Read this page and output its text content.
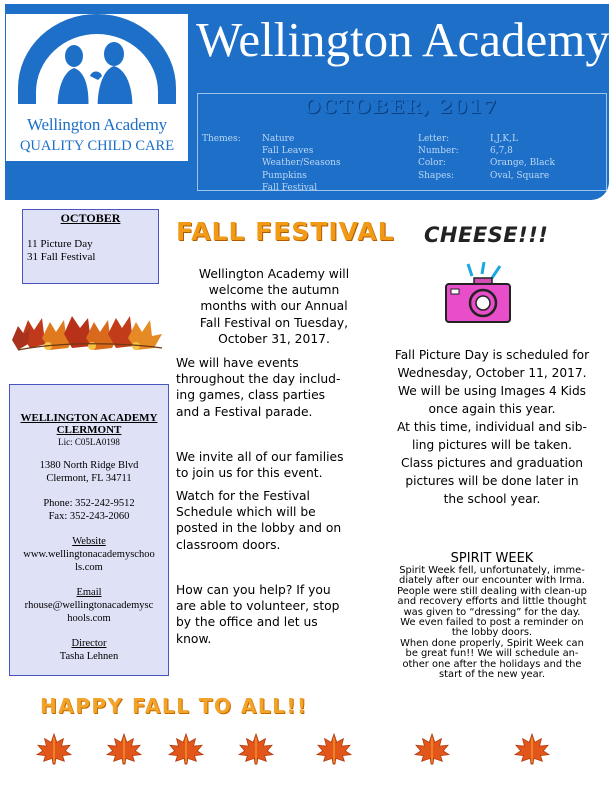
Wellington Academy
QUALITY CHILD CARE
Wellington Academy
OCTOBER, 2017
Themes: Nature
Fall Leaves
Weather/Seasons
Pumpkins
Fall Festival
Letter:
Number:
Color:
Shapes:
I,J,K,L
6,7,8
Orange, Black
Oval, Square
OCTOBER
11 Picture Day
31 Fall Festival
WELLINGTON ACADEMY CLERMONT
Lic: C05LA0198
1380 North Ridge Blvd
Clermont, FL 34711
Phone: 352-242-9512
Fax: 352-243-2060
Website
www.wellingtonacademyschoo
ls.com
Email
rhouse@wellingtonacademysc
hools.com
Director
Tasha Lehnen
FALL FESTIVAL
Wellington Academy will
welcome the autumn
months with our Annual
Fall Festival on Tuesday,
October 31, 2017.
We will have events
throughout the day includ-
ing games, class parties
and a Festival parade.
We invite all of our families
to join us for this event.
Watch for the Festival
Schedule which will be
posted in the lobby and on
classroom doors.
How can you help? If you
are able to volunteer, stop
by the office and let us
know.
CHEESE!!!
Fall Picture Day is scheduled for
Wednesday, October 11, 2017.
We will be using Images 4 Kids
once again this year.
At this time, individual and sib-
ling pictures will be taken.
Class pictures and graduation
pictures will be done later in
the school year.
SPIRIT WEEK
Spirit Week fell, unfortunately, imme-
diately after our encounter with Irma.
People were still dealing with clean-up
and recovery efforts and little thought
was given to “dressing” for the day.
We even failed to post a reminder on
the lobby doors.
When done properly, Spirit Week can
be great fun!! We will schedule an-
other one after the holidays and the
start of the new year.
HAPPY FALL TO ALL!!
